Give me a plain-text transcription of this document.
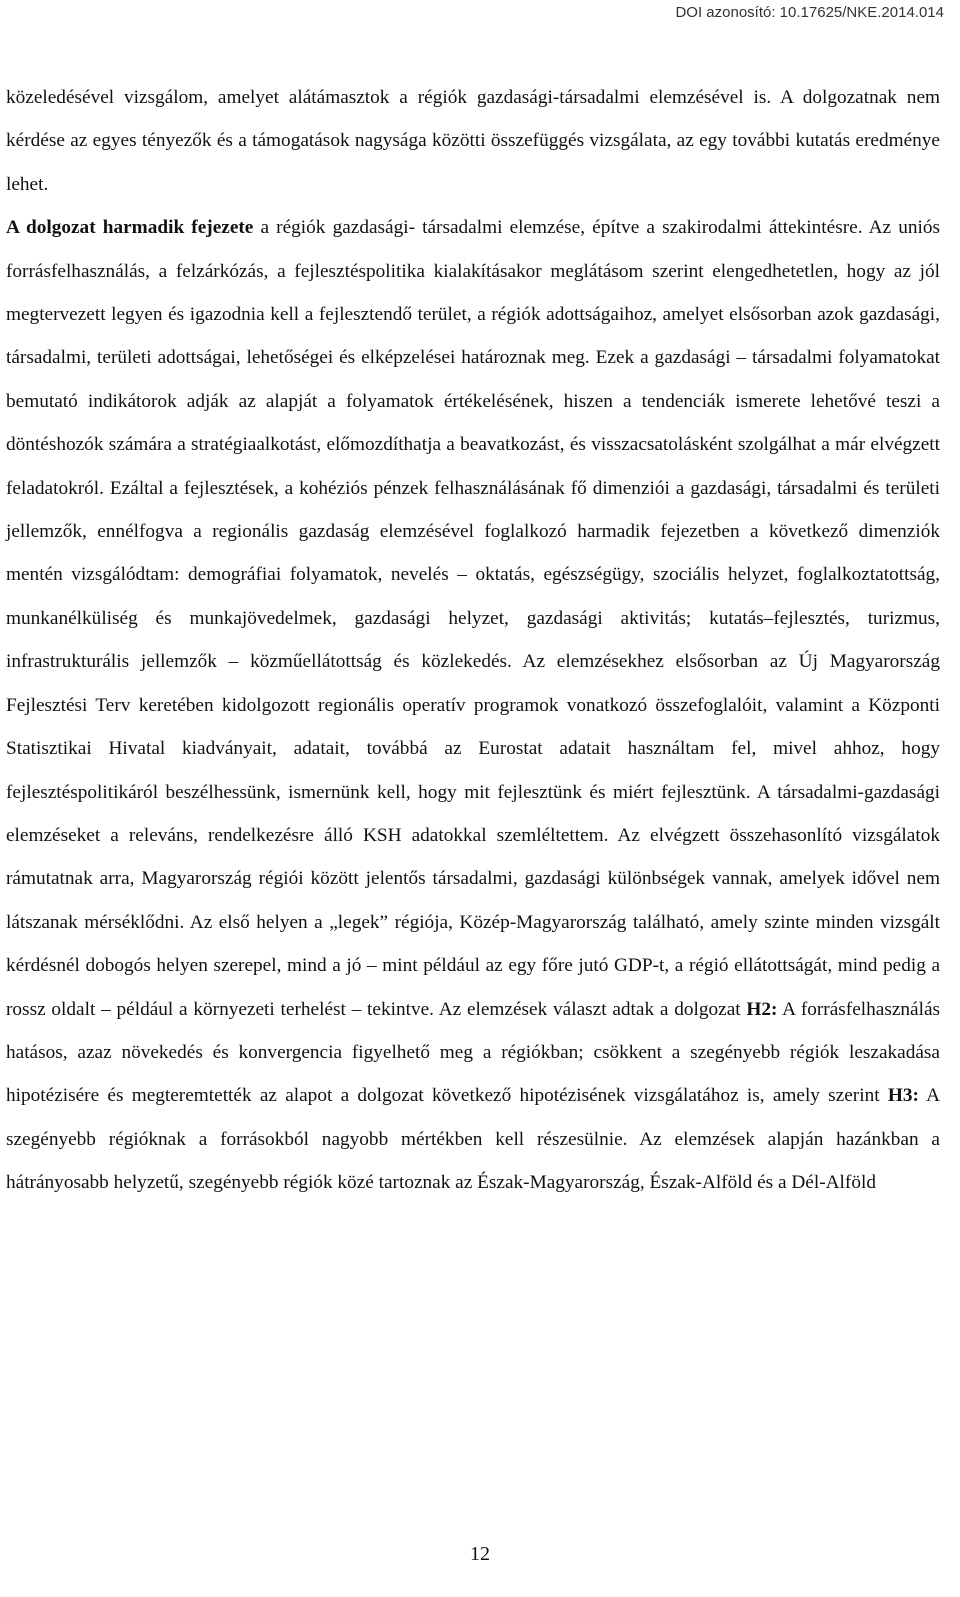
DOI azonosító: 10.17625/NKE.2014.014

közeledésével vizsgálom, amelyet alátámasztok a régiók gazdasági-társadalmi elemzésével is. A dolgozatnak nem kérdése az egyes tényezők és a támogatások nagysága közötti összefüggés vizsgálata, az egy további kutatás eredménye lehet.

A dolgozat harmadik fejezete a régiók gazdasági- társadalmi elemzése, építve a szakirodalmi áttekintésre. Az uniós forrásfelhasználás, a felzárkózás, a fejlesztéspolitika kialakításakor meglátásom szerint elengedhetetlen, hogy az jól megtervezett legyen és igazodnia kell a fejlesztendő terület, a régiók adottságaihoz, amelyet elsősorban azok gazdasági, társadalmi, területi adottságai, lehetőségei és elképzelései határoznak meg. Ezek a gazdasági – társadalmi folyamatokat bemutató indikátorok adják az alapját a folyamatok értékelésének, hiszen a tendenciák ismerete lehetővé teszi a döntéshozók számára a stratégiaalkotást, előmozdíthatja a beavatkozást, és visszacsatolásként szolgálhat a már elvégzett feladatokról. Ezáltal a fejlesztések, a kohéziós pénzek felhasználásának fő dimenziói a gazdasági, társadalmi és területi jellemzők, ennélfogva a regionális gazdaság elemzésével foglalkozó harmadik fejezetben a következő dimenziók mentén vizsgálódtam: demográfiai folyamatok, nevelés – oktatás, egészségügy, szociális helyzet, foglalkoztatottság, munkanélküliség és munkajövedelmek, gazdasági helyzet, gazdasági aktivitás; kutatás–fejlesztés, turizmus, infrastrukturális jellemzők – közműellátottság és közlekedés. Az elemzésekhez elsősorban az Új Magyarország Fejlesztési Terv keretében kidolgozott regionális operatív programok vonatkozó összefoglalóit, valamint a Központi Statisztikai Hivatal kiadványait, adatait, továbbá az Eurostat adatait használtam fel, mivel ahhoz, hogy fejlesztéspolitikáról beszélhessünk, ismernünk kell, hogy mit fejlesztünk és miért fejlesztünk. A társadalmi-gazdasági elemzéseket a releváns, rendelkezésre álló KSH adatokkal szemléltettem. Az elvégzett összehasonlító vizsgálatok rámutatnak arra, Magyarország régiói között jelentős társadalmi, gazdasági különbségek vannak, amelyek idővel nem látszanak mérséklődni. Az első helyen a „legek” régiója, Közép-Magyarország található, amely szinte minden vizsgált kérdésnél dobogós helyen szerepel, mind a jó – mint például az egy főre jutó GDP-t, a régió ellátottságát, mind pedig a rossz oldalt – például a környezeti terhelést – tekintve. Az elemzések választ adtak a dolgozat H2: A forrásfelhasználás hatásos, azaz növekedés és konvergencia figyelhető meg a régiókban; csökkent a szegényebb régiók leszakadása hipotézisére és megteremtették az alapot a dolgozat következő hipotézisének vizsgálatához is, amely szerint H3: A szegényebb régióknak a forrásokból nagyobb mértékben kell részesülnie. Az elemzések alapján hazánkban a hátrányosabb helyzetű, szegényebb régiók közé tartoznak az Észak-Magyarország, Észak-Alföld és a Dél-Alföld

12
